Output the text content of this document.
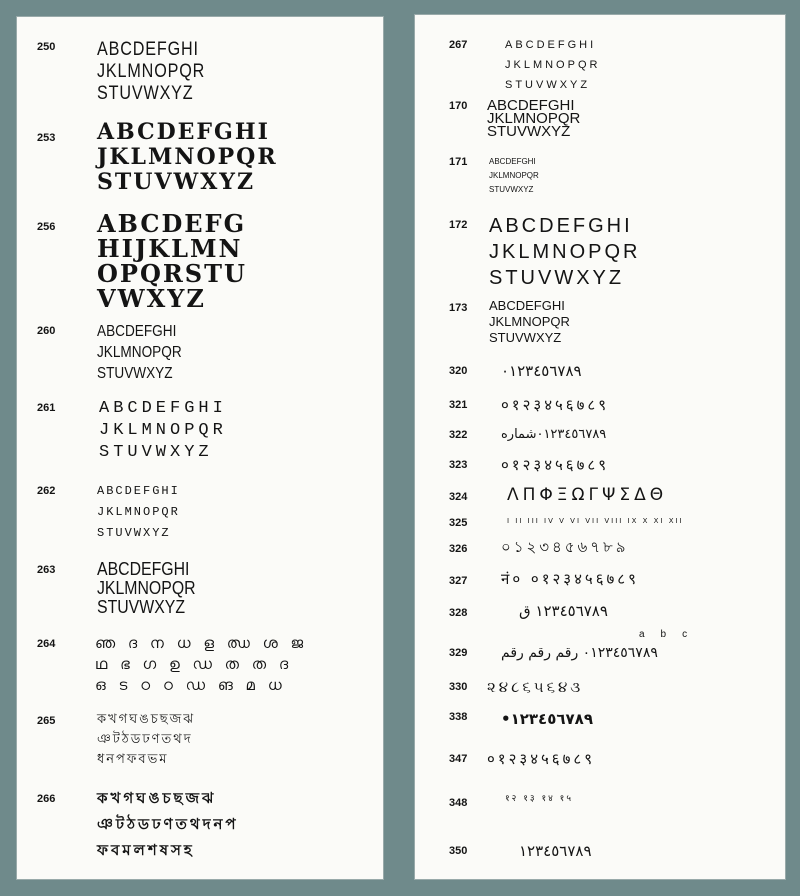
250 ABCDEFGHI

JKLMNOPQR

STUVWXYZ

253 ABCDEFGHI

JKLMNOPQR

STUVWXYZ

256 ABCDEFG

HIJKLMN

OPQRSTU

VWXYZ

260	ABCDEFGHI

JKLMNOPQR

STUVWXYZ

261	ABCDEFGHI

JKLMNOPQR

STUVWXYZ

262	ABCDEFGHI

JKLMNOPQR

STUVWXYZ

263 ABCDEFGHI

JKLMNOPQR

STUVWXYZ

264	ഞ ദ ന ധ ള ഝ ശ ജ

ഥ ഭ ഗ ഉ ഡ ത ത ദ

ഒ ട ഠ ഠ ഡ ങ മ ധ

265	কখগঘঙচছজঝ

ঞটঠডঢণতথদ

ধনপফবভম

266	কখগঘঙচছজঝ

ঞটঠডঢণতথদনপ

ফবমলশষসহ

267	ABCDEFGHI

JKLMNOPQR

STUVWXYZ

170 ABCDEFGHI

JKLMNOPQR

STUVWXYZ

171	ABCDEFGHI

JKLMNOPQR

STUVWXYZ

172 ABCDEFGHI

JKLMNOPQR

STUVWXYZ

173 ABCDEFGHI

JKLMNOPQR

STUVWXYZ

320 ٠١٢٣٤٥٦٧٨٩

321 ०१२३४५६७८९

322	٠١٢٣٤٥٦٧٨٩شماره

323 ०१२३४५६७८९

324 ΛΠΦΞΩΓΨΣΔΘ

325	I II III IV V VI VII VIII IX X XI XII

326 ০১২৩৪৫৬৭৮৯

327 नं० ०१२३४५६७८९

328	١٢٣٤٥٦٧٨٩ ق

329
abc

٠١٢٣٤٥٦٧٨٩ رقم رقم رقم

330 ૨૪૮૬૫૬૪૩

338 •١٢٣٤٥٦٧٨٩

347 ०१२३४५६७८९

348	१२ १३ १४ १५

350	١٢٣٤٥٦٧٨٩
